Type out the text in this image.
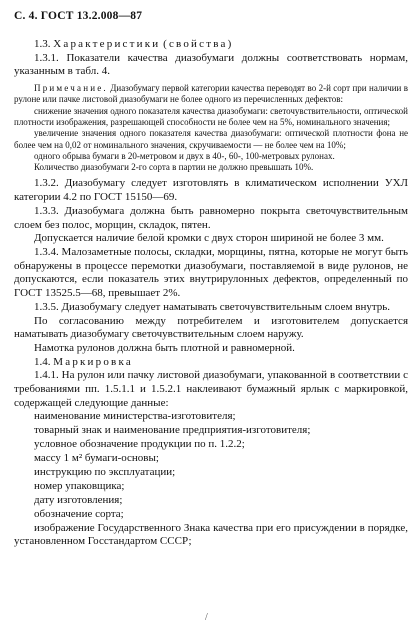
С. 4. ГОСТ 13.2.008—87

1.3. Характеристики (свойства)

1.3.1. Показатели качества диазобумаги должны соответствовать нормам, указанным в табл. 4.

Примечание. Диазобумагу первой категории качества переводят во 2-й сорт при наличии в рулоне или пачке листовой диазобумаги не более одного из перечисленных дефектов:

снижение значения одного показателя качества диазобумаги: светочувствительности, оптической плотности изображения, разрешающей способности не более чем на 5%, номинального значения;

увеличение значения одного показателя качества диазобумаги: оптической плотности фона не более чем на 0,02 от номинального значения, скручиваемости — не более чем на 10%;

одного обрыва бумаги в 20-метровом и двух в 40-, 60-, 100-метровых рулонах.

Количество диазобумаги 2-го сорта в партии не должно превышать 10%.

1.3.2. Диазобумагу следует изготовлять в климатическом исполнении УХЛ категории 4.2 по ГОСТ 15150—69.

1.3.3. Диазобумага должна быть равномерно покрыта светочувствительным слоем без полос, морщин, складок, пятен.

Допускается наличие белой кромки с двух сторон шириной не более 3 мм.

1.3.4. Малозаметные полосы, складки, морщины, пятна, которые не могут быть обнаружены в процессе перемотки диазобумаги, поставляемой в виде рулонов, не допускаются, если показатель этих внутрирулонных дефектов, определенный по ГОСТ 13525.5—68, превышает 2%.

1.3.5. Диазобумагу следует наматывать светочувствительным слоем внутрь.

По согласованию между потребителем и изготовителем допускается наматывать диазобумагу светочувствительным слоем наружу.

Намотка рулонов должна быть плотной и равномерной.

1.4. Маркировка

1.4.1. На рулон или пачку листовой диазобумаги, упакованной в соответствии с требованиями пп. 1.5.1.1 и 1.5.2.1 наклеивают бумажный ярлык с маркировкой, содержащей следующие данные:

наименование министерства-изготовителя;

товарный знак и наименование предприятия-изготовителя;

условное обозначение продукции по п. 1.2.2;

массу 1 м² бумаги-основы;

инструкцию по эксплуатации;

номер упаковщика;

дату изготовления;

обозначение сорта;

изображение Государственного Знака качества при его присуждении в порядке, установленном Госстандартом СССР;

/
